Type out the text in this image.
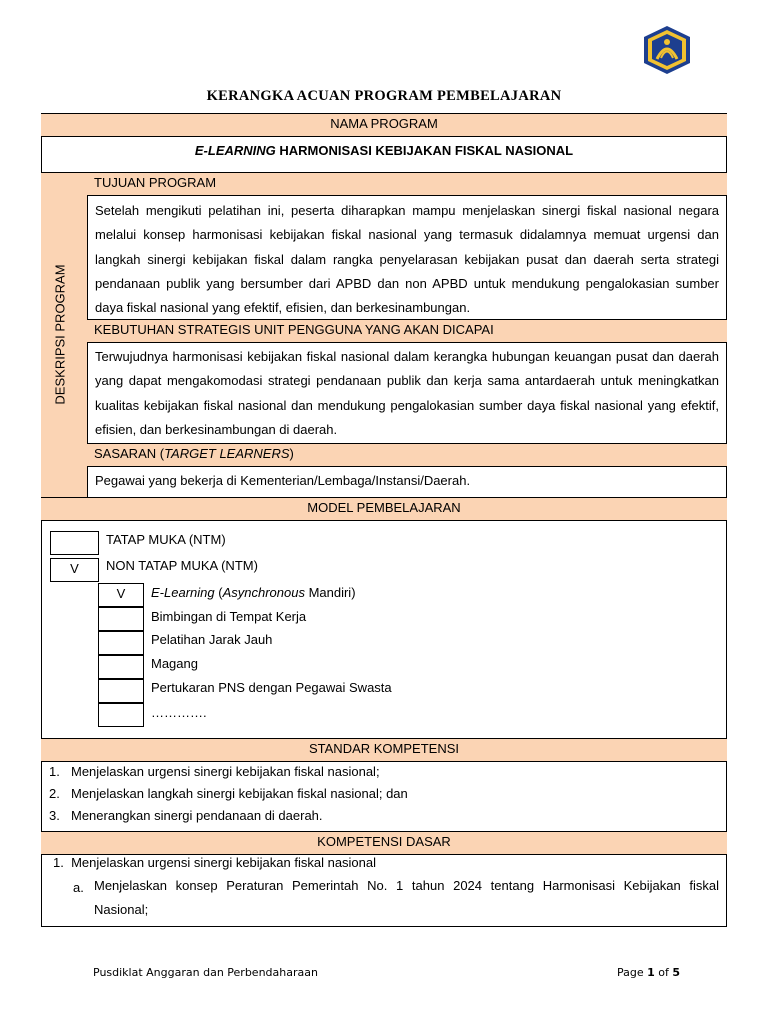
KERANGKA ACUAN PROGRAM PEMBELAJARAN
NAMA PROGRAM
E-LEARNING HARMONISASI KEBIJAKAN FISKAL NASIONAL
DESKRIPSI PROGRAM
TUJUAN PROGRAM
Setelah mengikuti pelatihan ini, peserta diharapkan mampu menjelaskan sinergi fiskal nasional negara melalui konsep harmonisasi kebijakan fiskal nasional yang termasuk didalamnya memuat urgensi dan langkah sinergi kebijakan fiskal dalam rangka penyelarasan kebijakan pusat dan daerah serta strategi pendanaan publik yang bersumber dari APBD dan non APBD untuk mendukung pengalokasian sumber daya fiskal nasional yang efektif, efisien, dan berkesinambungan.
KEBUTUHAN STRATEGIS UNIT PENGGUNA YANG AKAN DICAPAI
Terwujudnya harmonisasi kebijakan fiskal nasional dalam kerangka hubungan keuangan pusat dan daerah yang dapat mengakomodasi strategi pendanaan publik dan kerja sama antardaerah untuk meningkatkan kualitas kebijakan fiskal nasional dan mendukung pengalokasian sumber daya fiskal nasional yang efektif, efisien, dan berkesinambungan di daerah.
SASARAN (TARGET LEARNERS)
Pegawai yang bekerja di Kementerian/Lembaga/Instansi/Daerah.
MODEL PEMBELAJARAN
TATAP MUKA (NTM)
V	NON TATAP MUKA (NTM)
V	E-Learning (Asynchronous Mandiri)
Bimbingan di Tempat Kerja
Pelatihan Jarak Jauh
Magang
Pertukaran PNS dengan Pegawai Swasta
………….
STANDAR KOMPETENSI
1. Menjelaskan urgensi sinergi kebijakan fiskal nasional;
2. Menjelaskan langkah sinergi kebijakan fiskal nasional; dan
3. Menerangkan sinergi pendanaan di daerah.
KOMPETENSI DASAR
1.  Menjelaskan urgensi sinergi kebijakan fiskal nasional
a. Menjelaskan konsep Peraturan Pemerintah No. 1 tahun 2024 tentang Harmonisasi Kebijakan fiskal Nasional;
Pusdiklat Anggaran dan Perbendaharaan	Page 1 of 5
